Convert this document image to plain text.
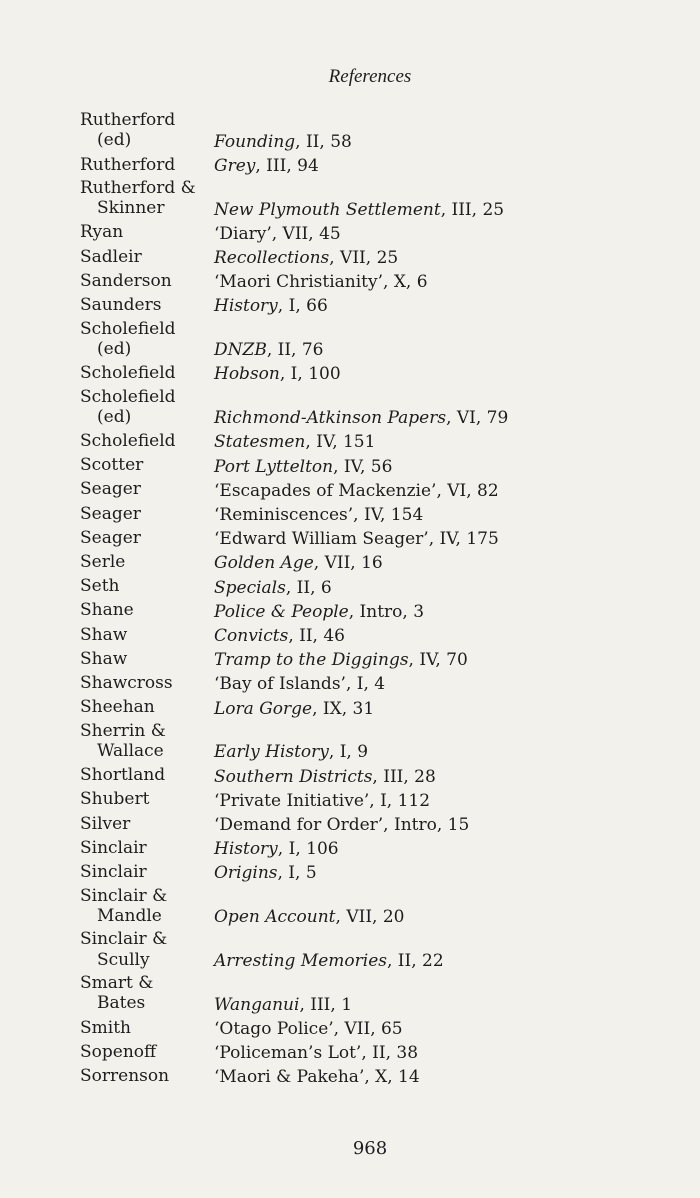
References
Rutherford
(ed)	Founding, II, 58
Rutherford	Grey, III, 94
Rutherford &
Skinner	New Plymouth Settlement, III, 25
Ryan	‘Diary’, VII, 45
Sadleir	Recollections, VII, 25
Sanderson	‘Maori Christianity’, X, 6
Saunders	History, I, 66
Scholefield
(ed)	DNZB, II, 76
Scholefield	Hobson, I, 100
Scholefield
(ed)	Richmond-Atkinson Papers, VI, 79
Scholefield	Statesmen, IV, 151
Scotter	Port Lyttelton, IV, 56
Seager	‘Escapades of Mackenzie’, VI, 82
Seager	‘Reminiscences’, IV, 154
Seager	‘Edward William Seager’, IV, 175
Serle	Golden Age, VII, 16
Seth	Specials, II, 6
Shane	Police & People, Intro, 3
Shaw	Convicts, II, 46
Shaw	Tramp to the Diggings, IV, 70
Shawcross	‘Bay of Islands’, I, 4
Sheehan	Lora Gorge, IX, 31
Sherrin &
Wallace	Early History, I, 9
Shortland	Southern Districts, III, 28
Shubert	‘Private Initiative’, I, 112
Silver	‘Demand for Order’, Intro, 15
Sinclair	History, I, 106
Sinclair	Origins, I, 5
Sinclair &
Mandle	Open Account, VII, 20
Sinclair &
Scully	Arresting Memories, II, 22
Smart &
Bates	Wanganui, III, 1
Smith	‘Otago Police’, VII, 65
Sopenoff	‘Policeman’s Lot’, II, 38
Sorrenson	‘Maori & Pakeha’, X, 14
968
